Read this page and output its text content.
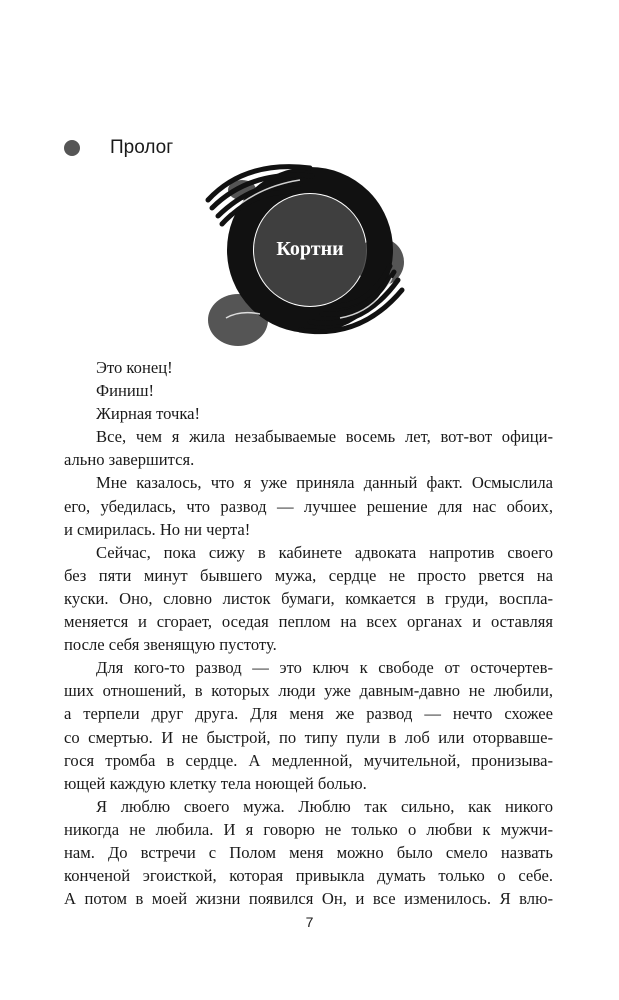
Пролог
Кортни
Это конец!
Финиш!
Жирная точка!
Все, чем я жила незабываемые восемь лет, вот-вот офици-
ально завершится.
Мне казалось, что я уже приняла данный факт. Осмыслила
его, убедилась, что развод — лучшее решение для нас обоих,
и смирилась. Но ни черта!
Сейчас, пока сижу в кабинете адвоката напротив своего
без пяти минут бывшего мужа, сердце не просто рвется на
куски. Оно, словно листок бумаги, комкается в груди, воспла-
меняется и сгорает, оседая пеплом на всех органах и оставляя
после себя звенящую пустоту.
Для кого-то развод — это ключ к свободе от осточертев-
ших отношений, в которых люди уже давным-давно не любили,
а терпели друг друга. Для меня же развод — нечто схожее
со смертью. И не быстрой, по типу пули в лоб или оторвавше-
гося тромба в сердце. А медленной, мучительной, пронизыва-
ющей каждую клетку тела ноющей болью.
Я люблю своего мужа. Люблю так сильно, как никого
никогда не любила. И я говорю не только о любви к мужчи-
нам. До встречи с Полом меня можно было смело назвать
конченой эгоисткой, которая привыкла думать только о себе.
А потом в моей жизни появился Он, и все изменилось. Я влю-
7
